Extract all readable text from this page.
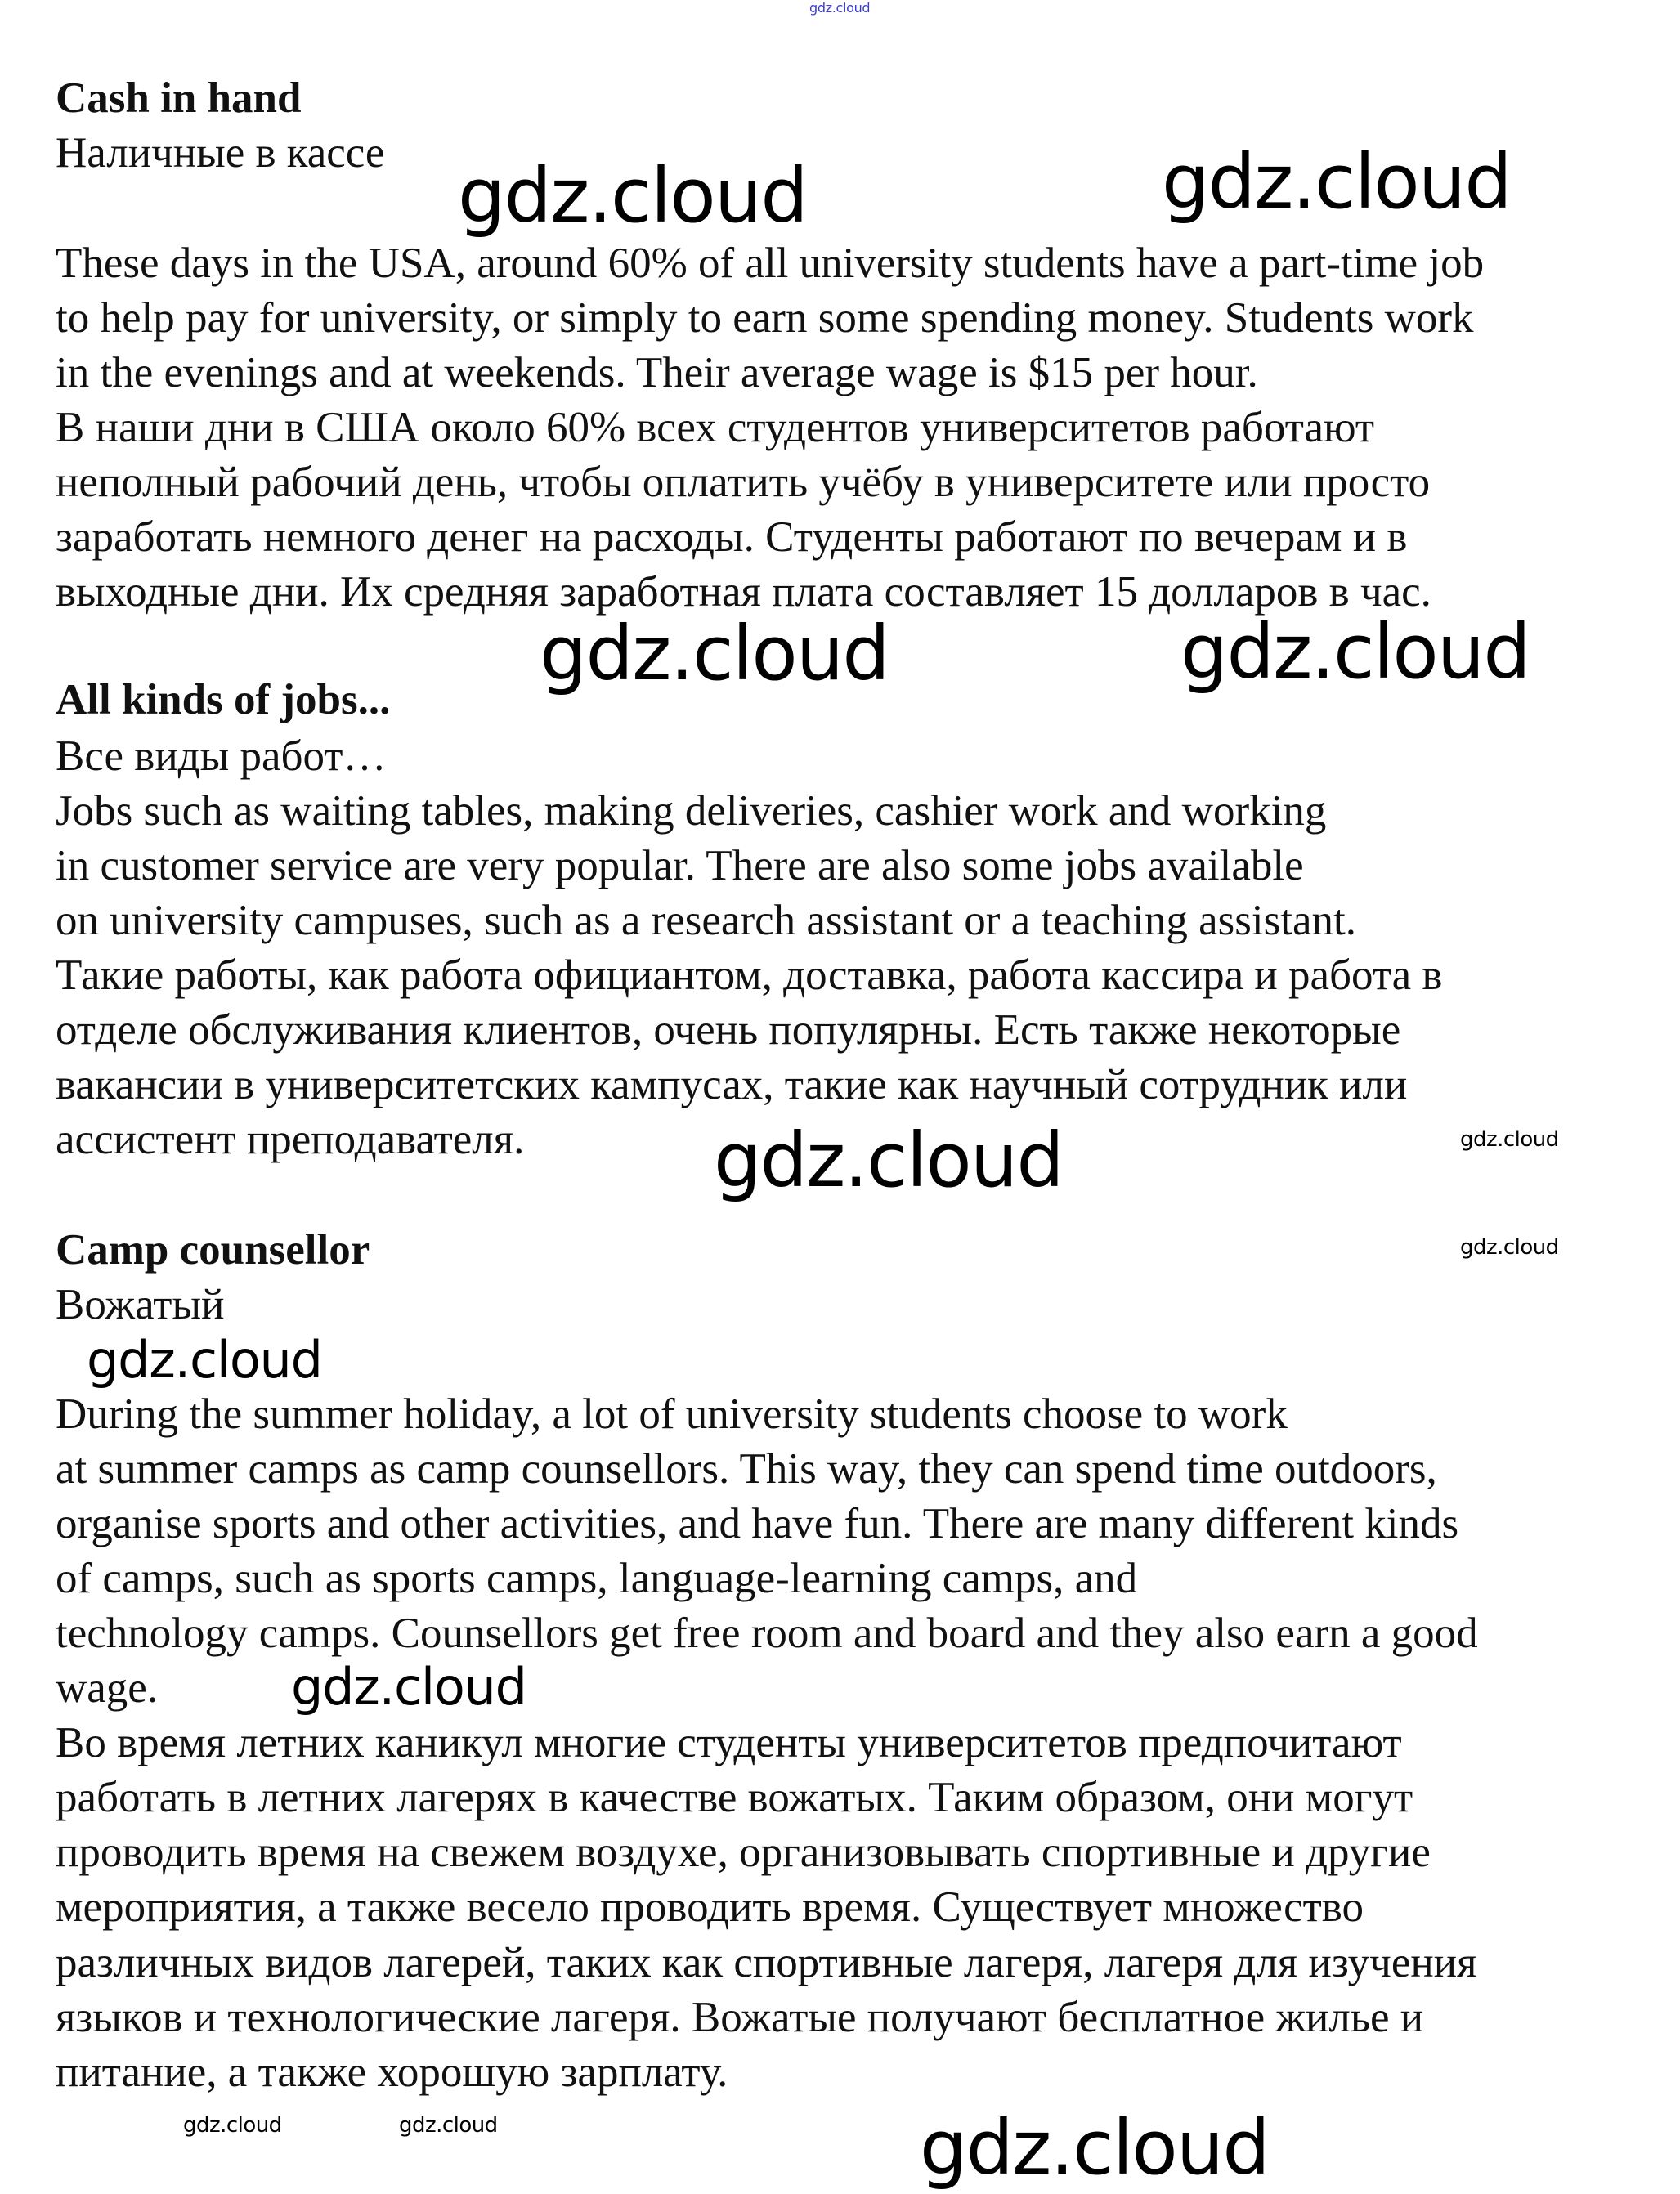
Cash in hand
Наличные в кассе
These days in the USA, around 60% of all university students have a part-time job
to help pay for university, or simply to earn some spending money. Students work
in the evenings and at weekends. Their average wage is $15 per hour.
В наши дни в США около 60% всех студентов университетов работают
неполный рабочий день, чтобы оплатить учёбу в университете или просто
заработать немного денег на расходы. Студенты работают по вечерам и в
выходные дни. Их средняя заработная плата составляет 15 долларов в час.
All kinds of jobs...
Все виды работ…
Jobs such as waiting tables, making deliveries, cashier work and working
in customer service are very popular. There are also some jobs available
on university campuses, such as a research assistant or a teaching assistant.
Такие работы, как работа официантом, доставка, работа кассира и работа в
отделе обслуживания клиентов, очень популярны. Есть также некоторые
вакансии в университетских кампусах, такие как научный сотрудник или
ассистент преподавателя.
Camp counsellor
Вожатый
During the summer holiday, a lot of university students choose to work
at summer camps as camp counsellors. This way, they can spend time outdoors,
organise sports and other activities, and have fun. There are many different kinds
of camps, such as sports camps, language-learning camps, and
technology camps. Counsellors get free room and board and they also earn a good
wage.
Во время летних каникул многие студенты университетов предпочитают
работать в летних лагерях в качестве вожатых. Таким образом, они могут
проводить время на свежем воздухе, организовывать спортивные и другие
мероприятия, а также весело проводить время. Существует множество
различных видов лагерей, таких как спортивные лагеря, лагеря для изучения
языков и технологические лагеря. Вожатые получают бесплатное жилье и
питание, а также хорошую зарплату.
gdz.cloud	gdz.cloud
gdz.cloud	gdz.cloud
gdz.cloud	gdz.cloud
gdz.cloud
gdz.cloud
gdz.cloud
gdz.cloud
gdz.cloud	gdz.cloud
gdz.cloud
